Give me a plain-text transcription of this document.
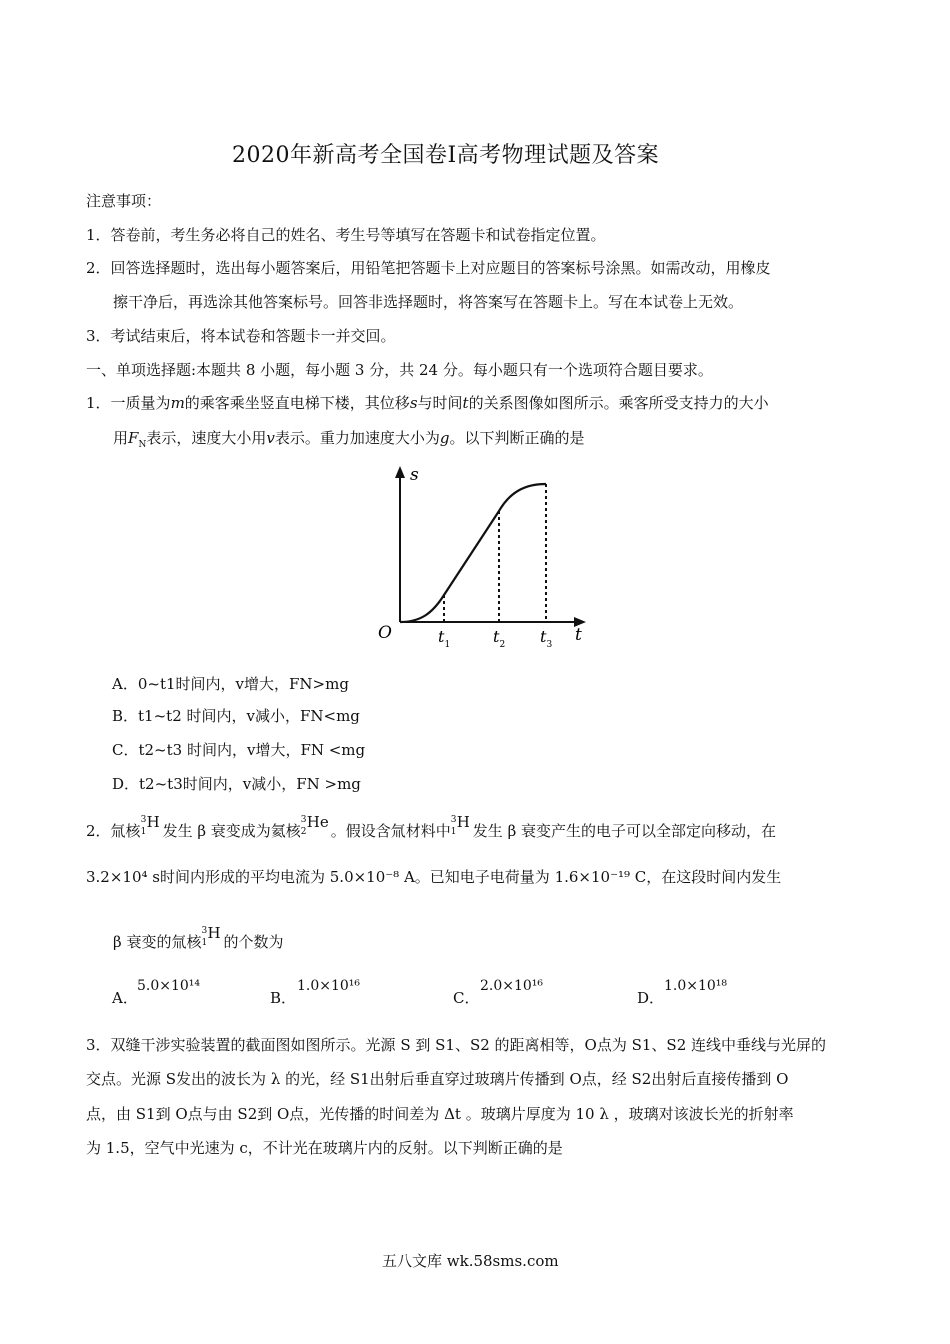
2020年新高考全国卷Ⅰ高考物理试题及答案
注意事项：
1．答卷前，考生务必将自己的姓名、考生号等填写在答题卡和试卷指定位置。
2．回答选择题时，选出每小题答案后，用铅笔把答题卡上对应题目的答案标号涂黑。如需改动，用橡皮
擦干净后，再选涂其他答案标号。回答非选择题时，将答案写在答题卡上。写在本试卷上无效。
3．考试结束后，将本试卷和答题卡一并交回。
一、单项选择题:本题共 8 小题，每小题 3 分，共 24 分。每小题只有一个选项符合题目要求。
1．一质量为m的乘客乘坐竖直电梯下楼，其位移s与时间t的关系图像如图所示。乘客所受支持力的大小
用$F_N$表示，速度大小用v表示。重力加速度大小为g。以下判断正确的是
s
t
O	$t_1$	$t_2$ $t_3$
A．0~t1时间内，v增大，FN>mg
B．t1~t2 时间内，v减小，FN<mg
C．t2~t3 时间内，v增大，FN <mg
D．t2~t3时间内，v减小，FN >mg
2．氚核
3
1
H 发生 β 衰变成为氦核
3
2
He 。假设含氚材料中
3
1
H 发生 β 衰变产生的电子可以全部定向移动，在
3.2×10⁴ s时间内形成的平均电流为 5.0×10⁻⁸ A。已知电子电荷量为 1.6×10⁻¹⁹ C，在这段时间内发生
β 衰变的氚核
3
1
H 的个数为
A．
5.0×10¹⁴
B．
1.0×10¹⁶
C．
2.0×10¹⁶
D．
1.0×10¹⁸
3．双缝干涉实验装置的截面图如图所示。光源 S 到 S1、S2 的距离相等，O点为 S1、S2 连线中垂线与光屏的
交点。光源 S发出的波长为 λ 的光，经 S1出射后垂直穿过玻璃片传播到 O点，经 S2出射后直接传播到 O
点，由 S1到 O点与由 S2到 O点，光传播的时间差为 Δt 。玻璃片厚度为 10 λ ，玻璃对该波长光的折射率
为 1.5，空气中光速为 c，不计光在玻璃片内的反射。以下判断正确的是
五八文库 wk.58sms.com
